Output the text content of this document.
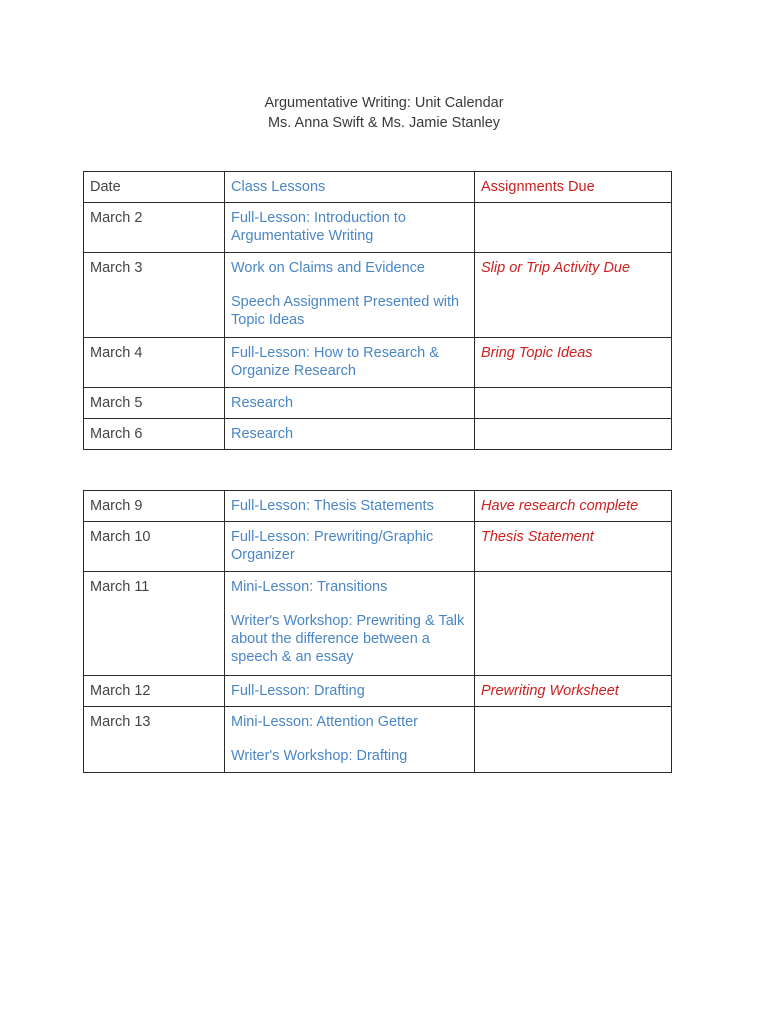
Argumentative Writing: Unit Calendar
Ms. Anna Swift & Ms. Jamie Stanley
Date	Class Lessons	Assignments Due
March 2	Full-Lesson: Introduction to Argumentative Writing	

March 3	Work on Claims and Evidence
Speech Assignment Presented with Topic Ideas	Slip or Trip Activity Due
March 4	Full-Lesson: How to Research & Organize Research	Bring Topic Ideas
March 5	Research	

March 6	Research	

March 9	Full-Lesson: Thesis Statements	Have research complete
March 10	Full-Lesson: Prewriting/Graphic Organizer	Thesis Statement
March 11	Mini-Lesson: Transitions
Writer's Workshop: Prewriting & Talk about the difference between a speech & an essay	

March 12	Full-Lesson: Drafting	Prewriting Worksheet
March 13	Mini-Lesson: Attention Getter
Writer's Workshop: Drafting	
